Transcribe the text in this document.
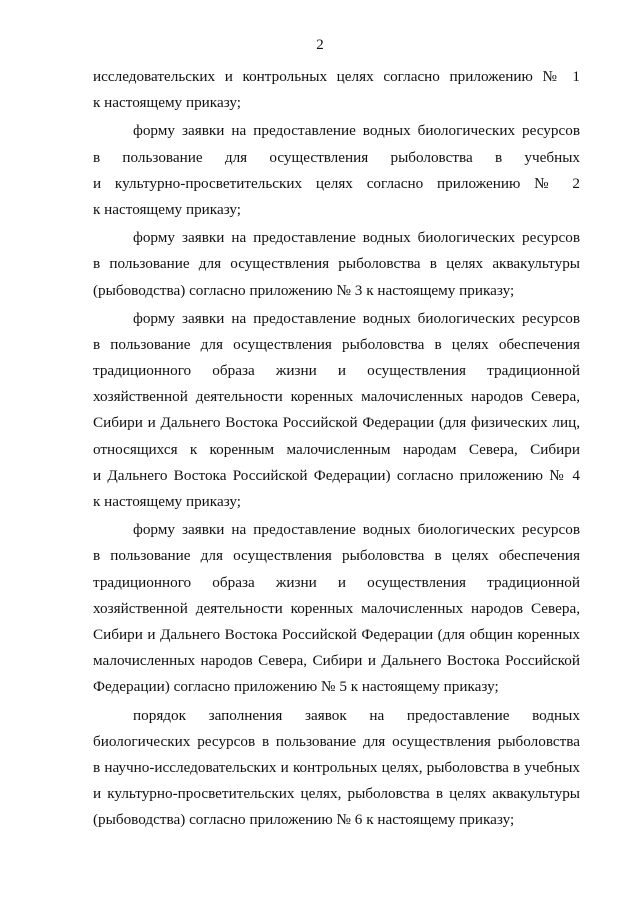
2
исследовательских и контрольных целях согласно приложению № 1
к настоящему приказу;
форму заявки на предоставление водных биологических ресурсов
в пользование для осуществления рыболовства в учебных
и культурно-просветительских целях согласно приложению № 2
к настоящему приказу;
форму заявки на предоставление водных биологических ресурсов
в пользование для осуществления рыболовства в целях аквакультуры
(рыбоводства) согласно приложению № 3 к настоящему приказу;
форму заявки на предоставление водных биологических ресурсов
в пользование для осуществления рыболовства в целях обеспечения
традиционного образа жизни и осуществления традиционной
хозяйственной деятельности коренных малочисленных народов Севера,
Сибири и Дальнего Востока Российской Федерации (для физических лиц,
относящихся к коренным малочисленным народам Севера, Сибири
и Дальнего Востока Российской Федерации) согласно приложению № 4
к настоящему приказу;
форму заявки на предоставление водных биологических ресурсов
в пользование для осуществления рыболовства в целях обеспечения
традиционного образа жизни и осуществления традиционной
хозяйственной деятельности коренных малочисленных народов Севера,
Сибири и Дальнего Востока Российской Федерации (для общин коренных
малочисленных народов Севера, Сибири и Дальнего Востока Российской
Федерации) согласно приложению № 5 к настоящему приказу;
порядок заполнения заявок на предоставление водных
биологических ресурсов в пользование для осуществления рыболовства
в научно-исследовательских и контрольных целях, рыболовства в учебных
и культурно-просветительских целях, рыболовства в целях аквакультуры
(рыбоводства) согласно приложению № 6 к настоящему приказу;
